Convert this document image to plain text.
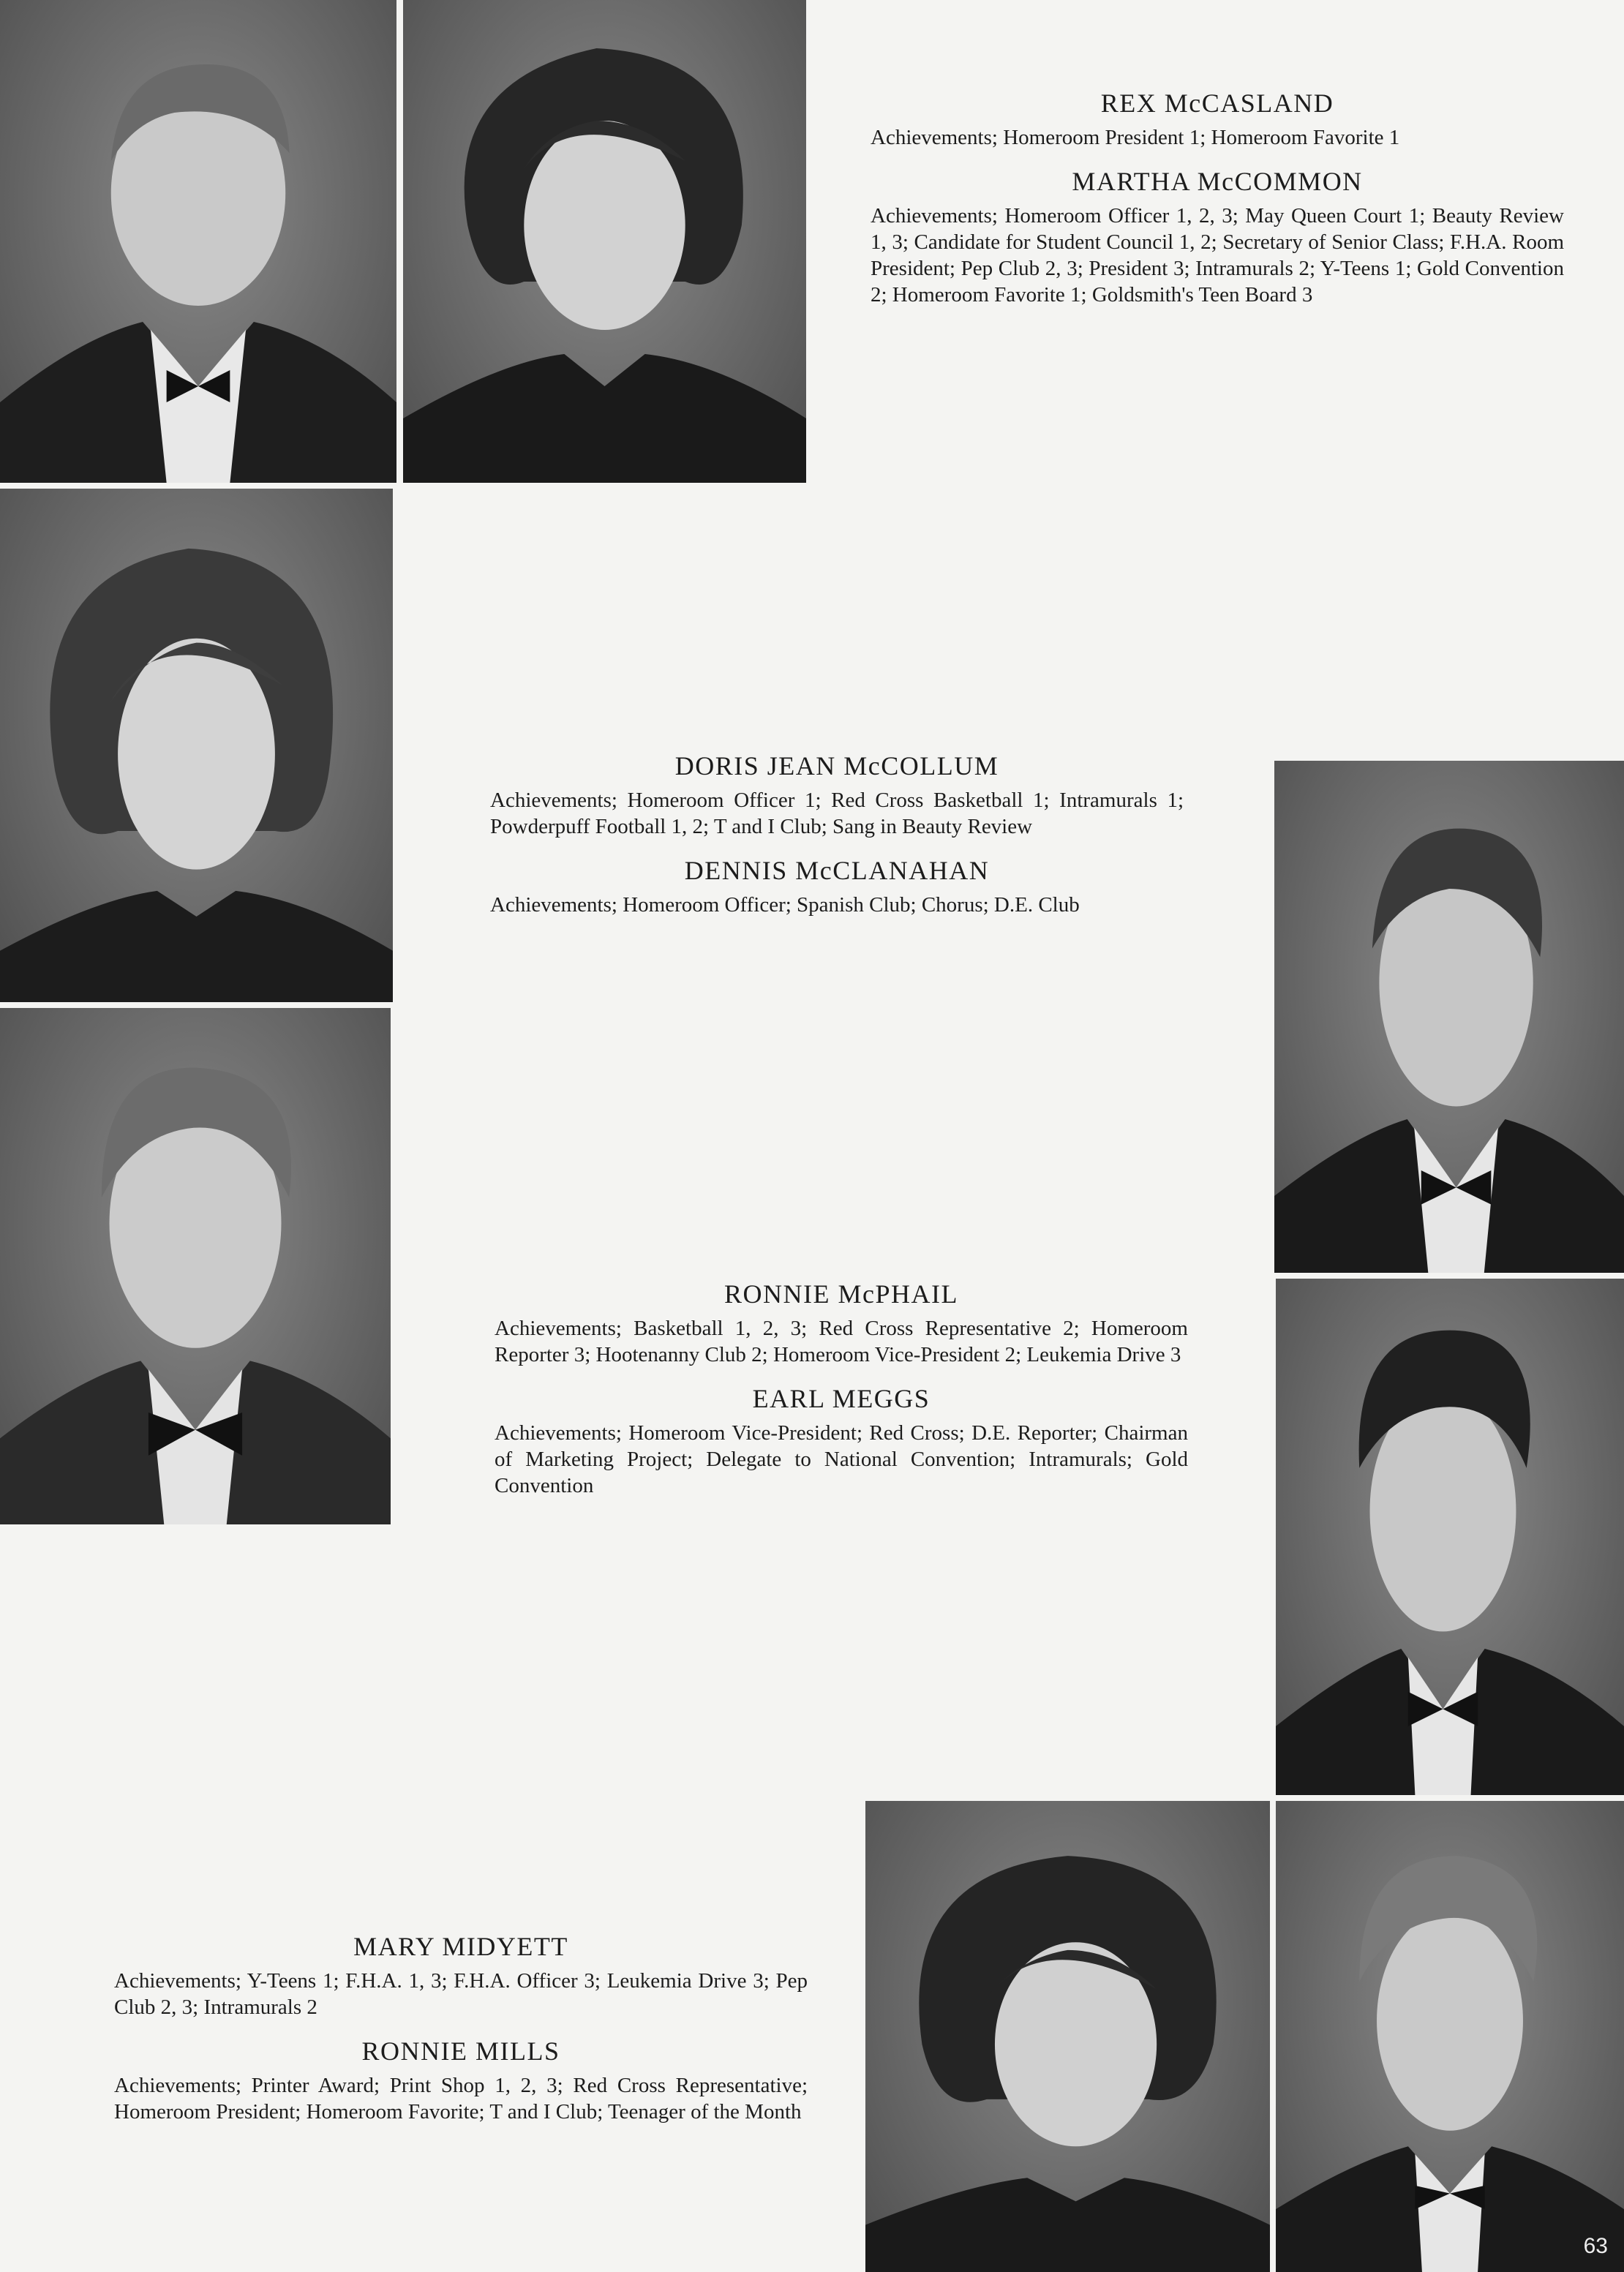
REX McCASLAND
Achievements; Homeroom President 1; Homeroom Favorite 1
MARTHA McCOMMON
Achievements; Homeroom Officer 1, 2, 3; May Queen Court 1; Beauty Review 1, 3; Candidate for Student Council 1, 2; Secretary of Senior Class; F.H.A. Room President; Pep Club 2, 3; President 3; Intramurals 2; Y-Teens 1; Gold Convention 2; Homeroom Favorite 1; Goldsmith's Teen Board 3
DORIS JEAN McCOLLUM
Achievements; Homeroom Officer 1; Red Cross Basketball 1; Intramurals 1; Powderpuff Football 1, 2; T and I Club; Sang in Beauty Review
DENNIS McCLANAHAN
Achievements; Homeroom Officer; Spanish Club; Chorus; D.E. Club
RONNIE McPHAIL
Achievements; Basketball 1, 2, 3; Red Cross Representative 2; Homeroom Reporter 3; Hootenanny Club 2; Homeroom Vice-President 2; Leukemia Drive 3
EARL MEGGS
Achievements; Homeroom Vice-President; Red Cross; D.E. Reporter; Chairman of Marketing Project; Delegate to National Convention; Intramurals; Gold Convention
MARY MIDYETT
Achievements; Y-Teens 1; F.H.A. 1, 3; F.H.A. Officer 3; Leukemia Drive 3; Pep Club 2, 3; Intramurals 2
RONNIE MILLS
Achievements; Printer Award; Print Shop 1, 2, 3; Red Cross Representative; Homeroom President; Homeroom Favorite; T and I Club; Teenager of the Month
63
